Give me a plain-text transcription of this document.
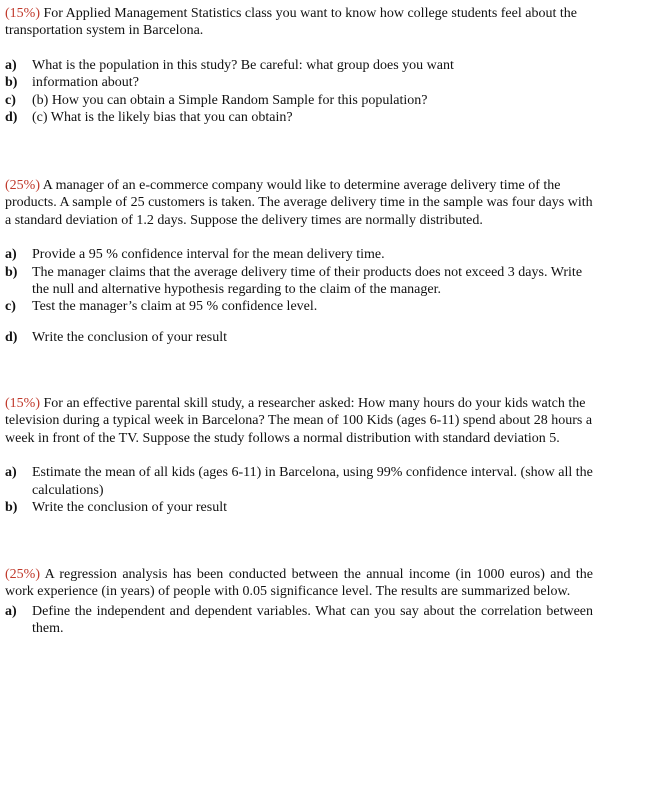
(15%) For Applied Management Statistics class you want to know how college students feel about the transportation system in Barcelona.

a)	What is the population in this study? Be careful: what group does you want
b)	information about?
c)	(b) How you can obtain a Simple Random Sample for this population?
d)	(c) What is the likely bias that you can obtain?

(25%) A manager of an e-commerce company would like to determine average delivery time of the products. A sample of 25 customers is taken. The average delivery time in the sample was four days with a standard deviation of 1.2 days. Suppose the delivery times are normally distributed.

a)	Provide a 95 % confidence interval for the mean delivery time.
b)	The manager claims that the average delivery time of their products does not exceed 3 days. Write the null and alternative hypothesis regarding to the claim of the manager.
c)	Test the manager’s claim at 95 % confidence level.
d)	Write the conclusion of your result

(15%) For an effective parental skill study, a researcher asked: How many hours do your kids watch the television during a typical week in Barcelona? The mean of 100 Kids (ages 6-11) spend about 28 hours a week in front of the TV. Suppose the study follows a normal distribution with standard deviation 5.

a)	Estimate the mean of all kids (ages 6-11) in Barcelona, using 99% confidence interval. (show all the calculations)
b)	Write the conclusion of your result

(25%) A regression analysis has been conducted between the annual income (in 1000 euros) and the work experience (in years) of people with 0.05 significance level. The results are summarized below.

a)	Define the independent and dependent variables. What can you say about the correlation between them.
